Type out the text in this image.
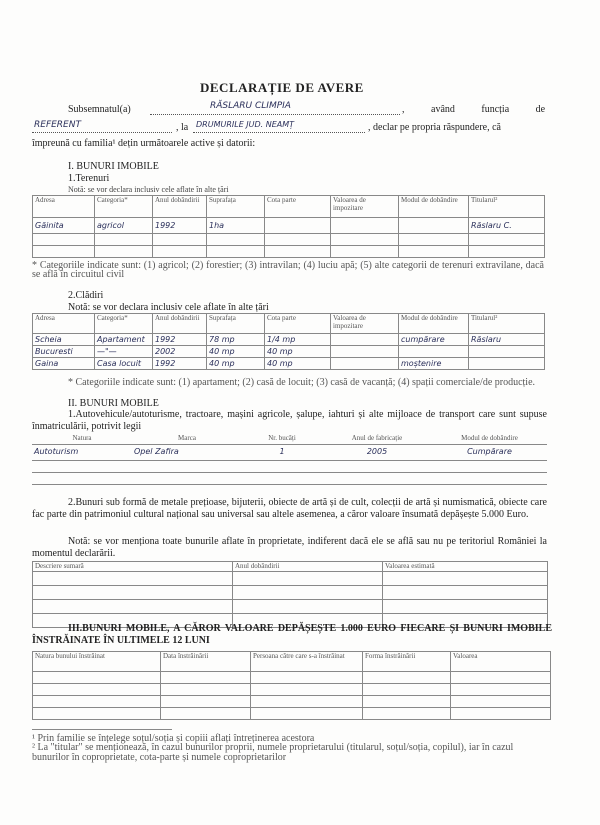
DECLARAȚIE DE AVERE
Subsemnatul(a)	RĂSLARU CLIMPIA	, având funcția de
REFERENT	, la DRUMURILE JUD. NEAMȚ	, declar pe propria răspundere, că
împreună cu familia¹ dețin următoarele active și datorii:
I. BUNURI IMOBILE
1.Terenuri
Notă: se vor declara inclusiv cele aflate în alte țări
Adresa	Categoria*	Anul dobândirii	Suprafața	Cota parte	Valoarea de impozitare	Modul de dobândire	Titularul²
Găinita	agricol	1992	1ha				Răslaru C.

* Categoriile indicate sunt: (1) agricol; (2) forestier; (3) intravilan; (4) luciu apă; (5) alte categorii de terenuri extravilane, dacă se află în circuitul civil
2.Clădiri
Notă: se vor declara inclusiv cele aflate în alte țări
Adresa	Categoria*	Anul dobândirii	Suprafața	Cota parte	Valoarea de impozitare	Modul de dobândire	Titularul²
Scheia	Apartament	1992	78 mp	1/4 mp		cumpărare	Răslaru
Bucuresti	—"—	2002	40 mp	40 mp			
Gaina	Casa locuit	1992	40 mp	40 mp		moștenire	
* Categoriile indicate sunt: (1) apartament; (2) casă de locuit; (3) casă de vacanță; (4) spații comerciale/de producție.
II. BUNURI MOBILE
1.Autovehicule/autoturisme, tractoare, mașini agricole, șalupe, iahturi și alte mijloace de transport care sunt supuse înmatriculării, potrivit legii
Natura	Marca	Nr. bucăți	Anul de fabricație	Modul de dobândire
Autoturism	Opel Zafira	1	2005	Cumpărare

2.Bunuri sub formă de metale prețioase, bijuterii, obiecte de artă și de cult, colecții de artă și numismatică, obiecte care fac parte din patrimoniul cultural național sau universal sau altele asemenea, a căror valoare însumată depășește 5.000 Euro.
Notă: se vor menționa toate bunurile aflate în proprietate, indiferent dacă ele se află sau nu pe teritoriul României la momentul declarării.
Descriere sumară	Anul dobândirii	Valoarea estimată

III.BUNURI MOBILE, A CĂROR VALOARE DEPĂȘEȘTE 1.000 EURO FIECARE ȘI BUNURI IMOBILE ÎNSTRĂINATE ÎN ULTIMELE 12 LUNI
Natura bunului înstrăinat	Data înstrăinării	Persoana către care s-a înstrăinat	Forma înstrăinării	Valoarea

¹ Prin familie se înțelege soțul/soția și copiii aflați întreținerea acestora
² La "titular" se menționează, în cazul bunurilor proprii, numele proprietarului (titularul, soțul/soția, copilul), iar în cazul bunurilor în coproprietate, cota-parte și numele coproprietarilor
